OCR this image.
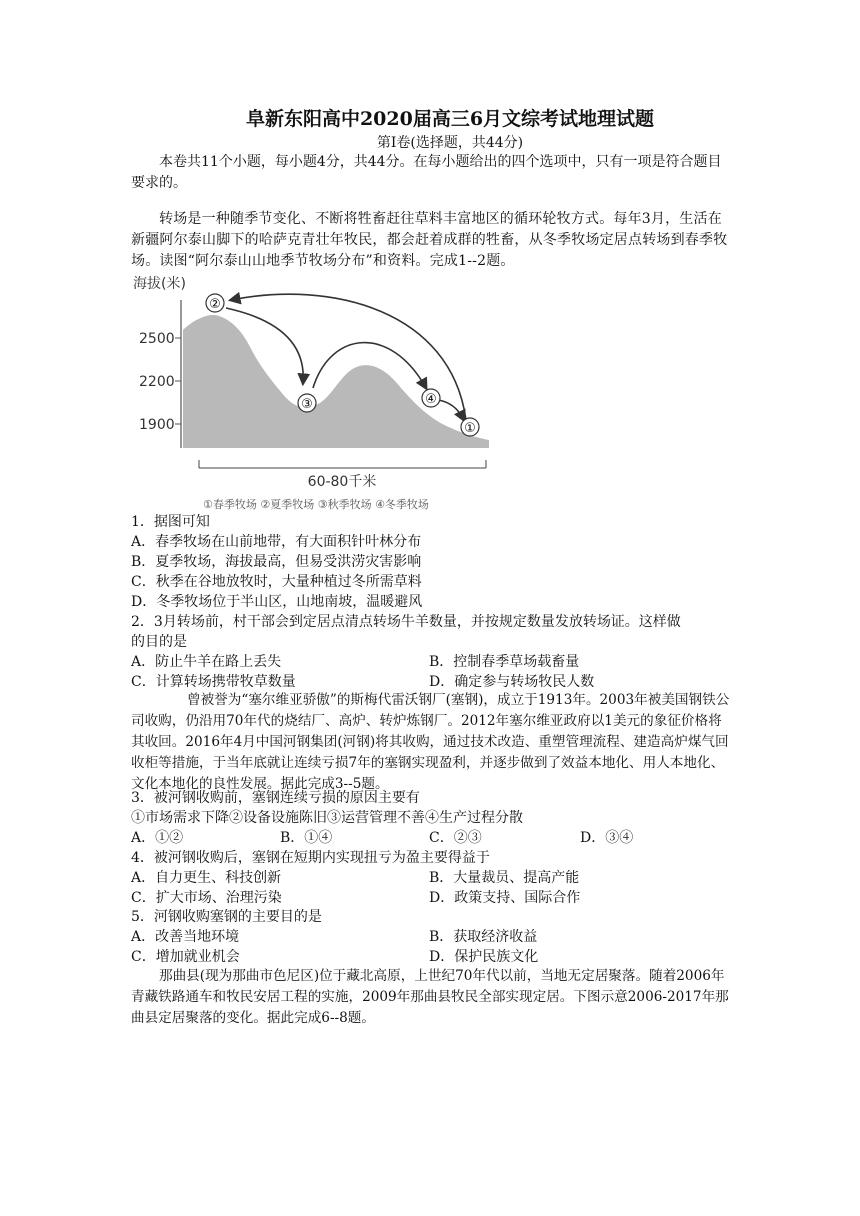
阜新东阳高中2020届高三6月文综考试地理试题
第Ⅰ卷(选择题，共44分)
本卷共11个小题，每小题4分，共44分。在每小题给出的四个选项中，只有一项是符合题目要求的。
转场是一种随季节变化、不断将牲畜赶往草料丰富地区的循环轮牧方式。每年3月，生活在新疆阿尔泰山脚下的哈萨克青壮年牧民，都会赶着成群的牲畜，从冬季牧场定居点转场到春季牧场。读图“阿尔泰山山地季节牧场分布”和资料。完成1--2题。
海拔(米)
2500
2200
1900
60-80千米
②
③	④
①
①春季牧场 ②夏季牧场 ③秋季牧场 ④冬季牧场
1．据图可知
A．春季牧场在山前地带，有大面积针叶林分布
B．夏季牧场，海拔最高，但易受洪涝灾害影响
C．秋季在谷地放牧时，大量种植过冬所需草料
D．冬季牧场位于半山区，山地南坡，温暖避风
2．3月转场前，村干部会到定居点清点转场牛羊数量，并按规定数量发放转场证。这样做
的目的是
A．防止牛羊在路上丢失	B．控制春季草场载畜量
C．计算转场携带牧草数量	D．确定参与转场牧民人数
曾被誉为“塞尔维亚骄傲”的斯梅代雷沃钢厂(塞钢)，成立于1913年。2003年被美国钢铁公司收购，仍沿用70年代的烧结厂、高炉、转炉炼钢厂。2012年塞尔维亚政府以1美元的象征价格将其收回。2016年4月中国河钢集团(河钢)将其收购，通过技术改造、重塑管理流程、建造高炉煤气回收柜等措施，于当年底就让连续亏损7年的塞钢实现盈利，并逐步做到了效益本地化、用人本地化、文化本地化的良性发展。据此完成3--5题。
3．被河钢收购前，塞钢连续亏损的原因主要有
①市场需求下降②设备设施陈旧③运营管理不善④生产过程分散
A．①②	B．①④	C．②③	D．③④
4．被河钢收购后，塞钢在短期内实现扭亏为盈主要得益于
A．自力更生、科技创新	B．大量裁员、提高产能
C．扩大市场、治理污染	D．政策支持、国际合作
5．河钢收购塞钢的主要目的是
A．改善当地环境	B．获取经济收益
C．增加就业机会	D．保护民族文化
那曲县(现为那曲市色尼区)位于藏北高原，上世纪70年代以前，当地无定居聚落。随着2006年青藏铁路通车和牧民安居工程的实施，2009年那曲县牧民全部实现定居。下图示意2006-2017年那曲县定居聚落的变化。据此完成6--8题。
